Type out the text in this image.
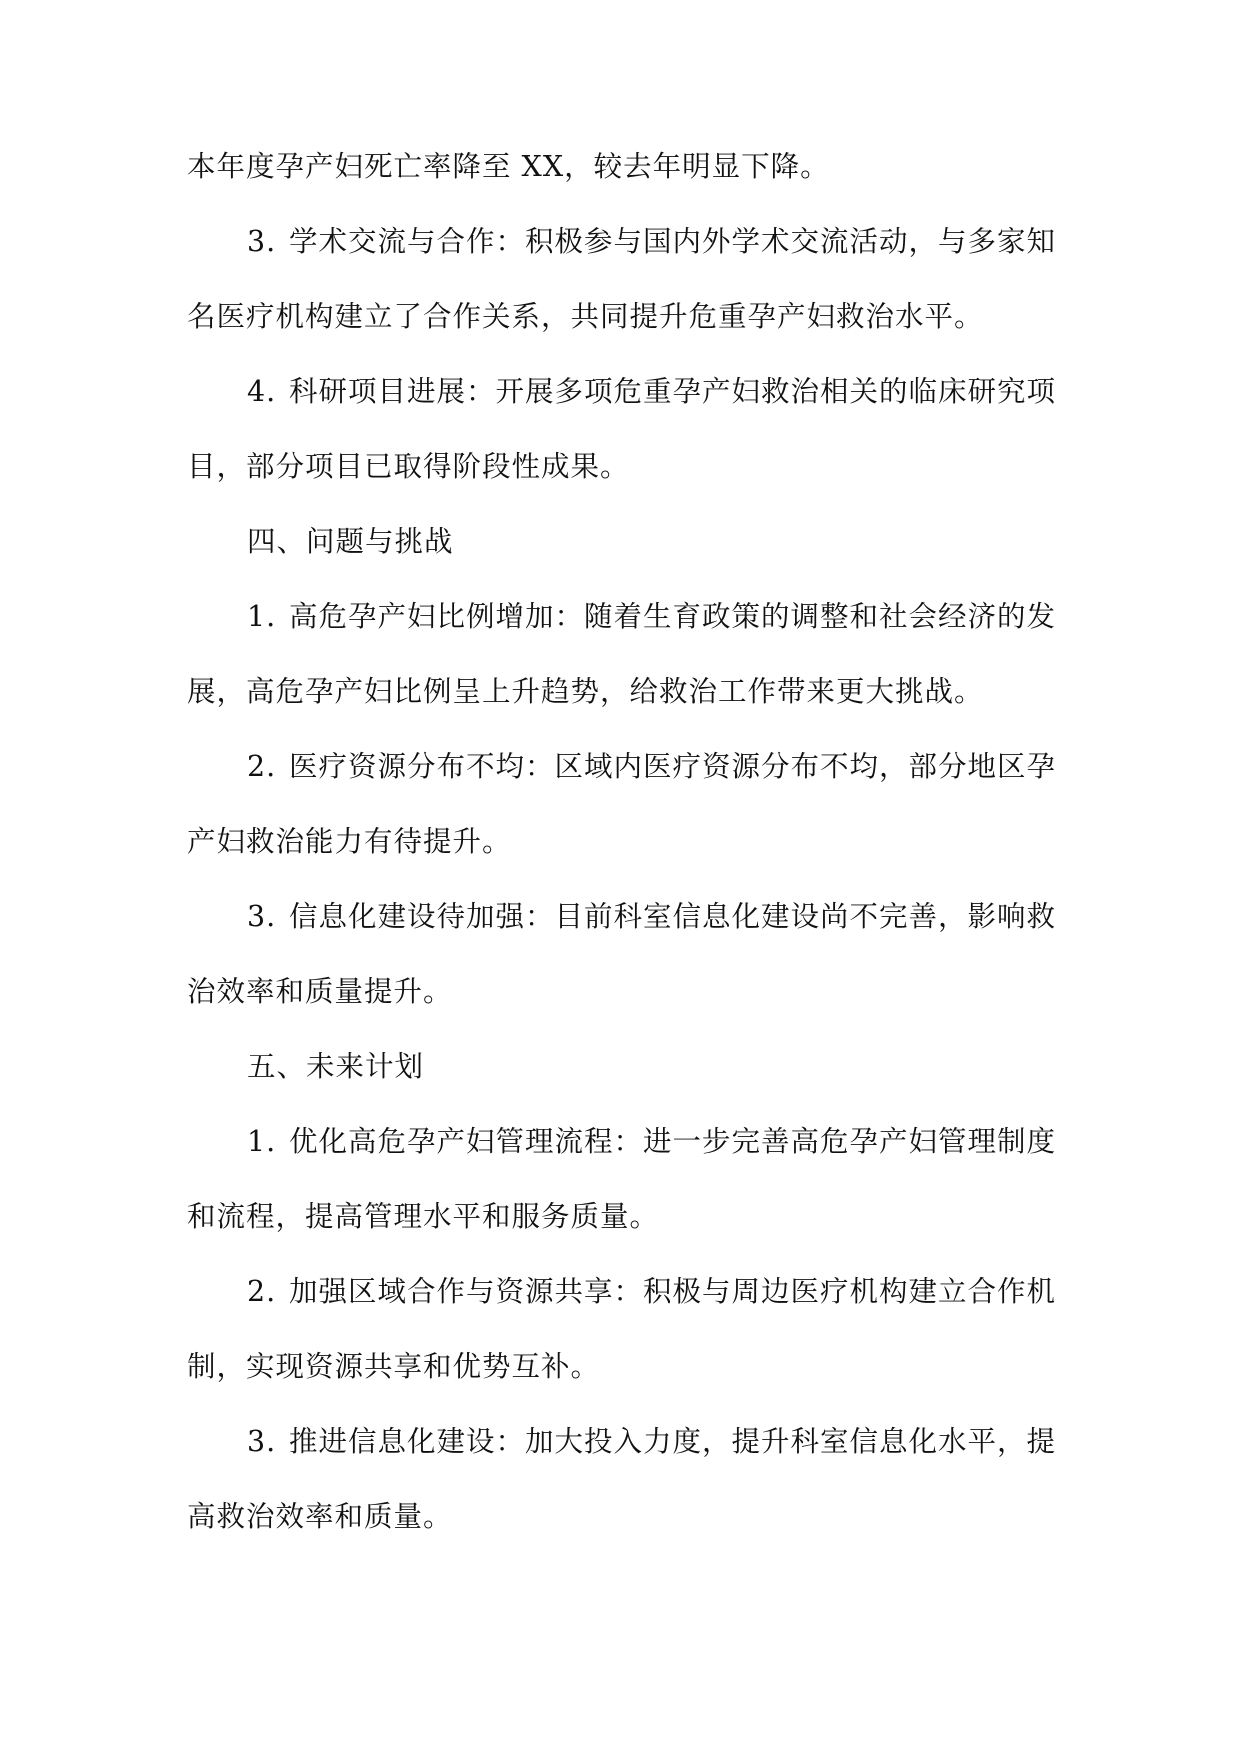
本年度孕产妇死亡率降至 XX，较去年明显下降。
3. 学术交流与合作：积极参与国内外学术交流活动，与多家知
名医疗机构建立了合作关系，共同提升危重孕产妇救治水平。
4. 科研项目进展：开展多项危重孕产妇救治相关的临床研究项
目，部分项目已取得阶段性成果。
四、问题与挑战
1. 高危孕产妇比例增加：随着生育政策的调整和社会经济的发
展，高危孕产妇比例呈上升趋势，给救治工作带来更大挑战。
2. 医疗资源分布不均：区域内医疗资源分布不均，部分地区孕
产妇救治能力有待提升。
3. 信息化建设待加强：目前科室信息化建设尚不完善，影响救
治效率和质量提升。
五、未来计划
1. 优化高危孕产妇管理流程：进一步完善高危孕产妇管理制度
和流程，提高管理水平和服务质量。
2. 加强区域合作与资源共享：积极与周边医疗机构建立合作机
制，实现资源共享和优势互补。
3. 推进信息化建设：加大投入力度，提升科室信息化水平，提
高救治效率和质量。
